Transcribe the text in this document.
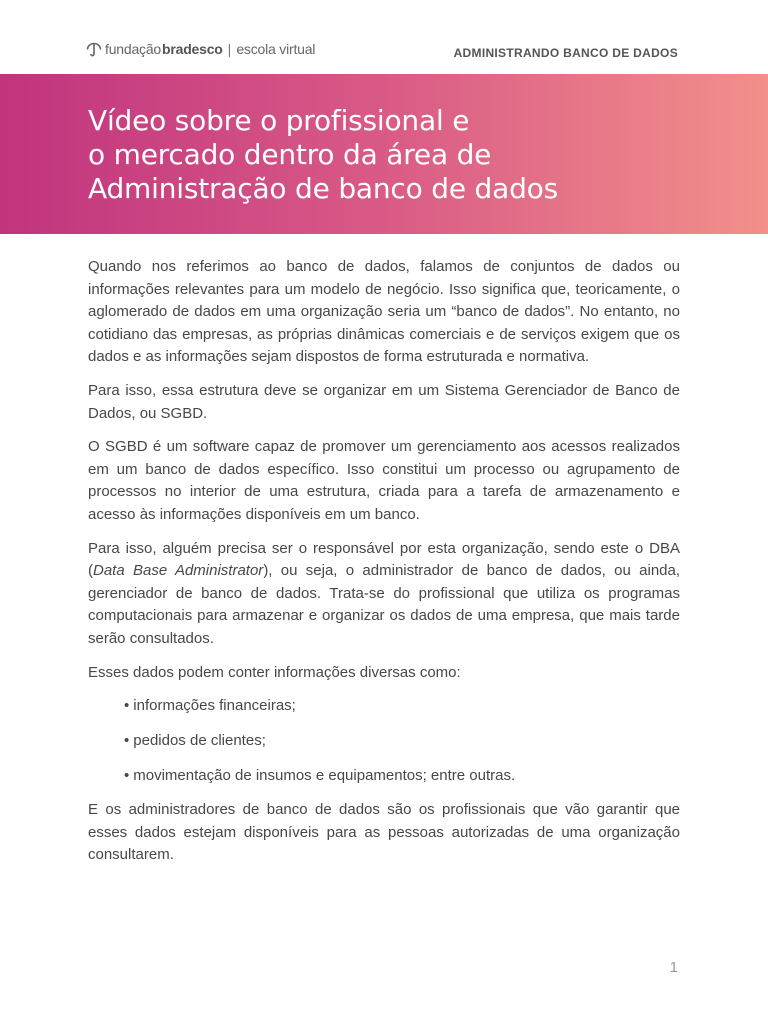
fundação bradesco | escola virtual	ADMINISTRANDO BANCO DE DADOS
Vídeo sobre o profissional e
o mercado dentro da área de
Administração de banco de dados

Quando nos referimos ao banco de dados, falamos de conjuntos de dados ou informações relevantes para um modelo de negócio. Isso significa que, teoricamente, o aglomerado de dados em uma organização seria um “banco de dados”. No entanto, no cotidiano das empresas, as próprias dinâmicas comerciais e de serviços exigem que os dados e as informações sejam dispostos de forma estruturada e normativa.

Para isso, essa estrutura deve se organizar em um Sistema Gerenciador de Banco de Dados, ou SGBD.

O SGBD é um software capaz de promover um gerenciamento aos acessos realizados em um banco de dados específico. Isso constitui um processo ou agrupamento de processos no interior de uma estrutura, criada para a tarefa de armazenamento e acesso às informações disponíveis em um banco.

Para isso, alguém precisa ser o responsável por esta organização, sendo este o DBA (Data Base Administrator), ou seja, o administrador de banco de dados, ou ainda, gerenciador de banco de dados. Trata-se do profissional que utiliza os programas computacionais para armazenar e organizar os dados de uma empresa, que mais tarde serão consultados.

Esses dados podem conter informações diversas como:

• informações financeiras;
• pedidos de clientes;
• movimentação de insumos e equipamentos; entre outras.

E os administradores de banco de dados são os profissionais que vão garantir que esses dados estejam disponíveis para as pessoas autorizadas de uma organização consultarem.

1
